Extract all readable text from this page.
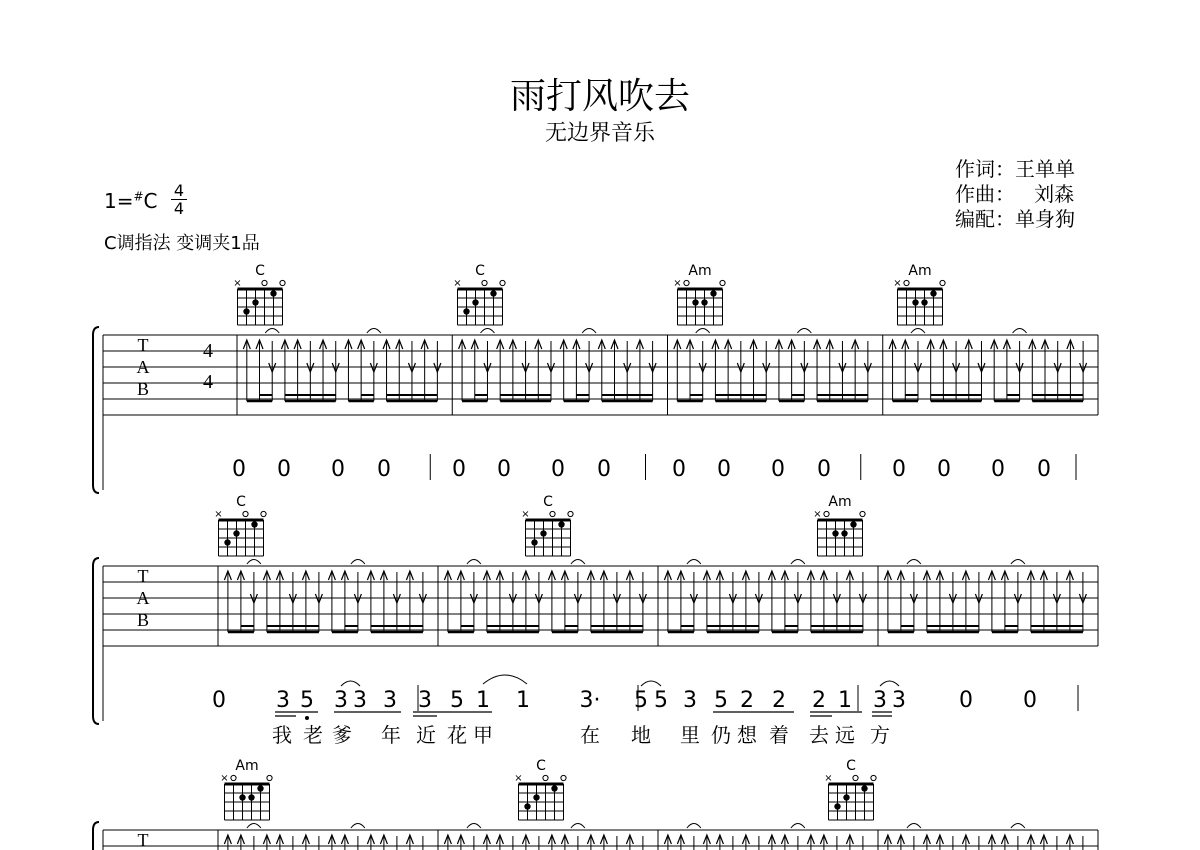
雨打风吹去
无边界音乐
作词：王单单
作曲：   刘森
编配：单身狗
1=#C 4
4
C调指法 变调夹1品
T
A
B
4
4
C
×
C
×
Am
×
Am
×
T
A
B
C
×
C
×
Am
×
T
Am
×
C
×
C
×
0 0 0 0	0 0 0 0	0 0 0 0	0 0 0 0
0 3 5 3 3 3 3 5 1 1 3· 5 5 3 5 2 2 2 1 3 3 0 0
我 老 爹 年 近 花 甲	在 地 里 仍 想 着 去 远 方
